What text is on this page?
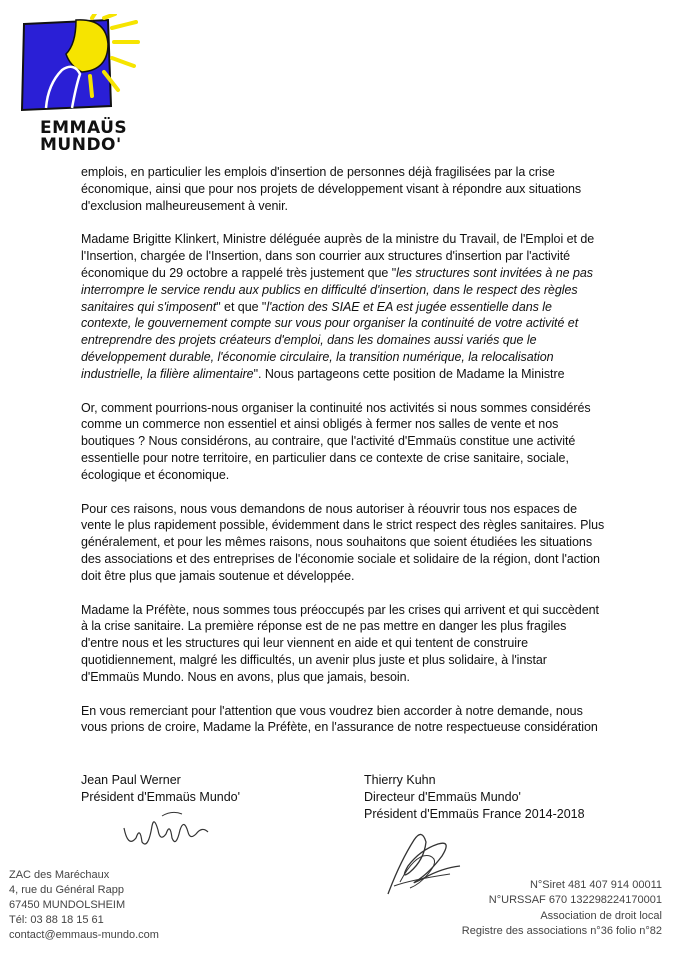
EMMAÜS
MUNDO'

emplois, en particulier les emplois d'insertion de personnes déjà fragilisées par la crise économique, ainsi que pour nos projets de développement visant à répondre aux situations d'exclusion malheureusement à venir.

Madame Brigitte Klinkert, Ministre déléguée auprès de la ministre du Travail, de l'Emploi et de l'Insertion, chargée de l'Insertion, dans son courrier aux structures d'insertion par l'activité économique du 29 octobre a rappelé très justement que "les structures sont invitées à ne pas interrompre le service rendu aux publics en difficulté d'insertion, dans le respect des règles sanitaires qui s'imposent" et que "l'action des SIAE et EA est jugée essentielle dans le contexte, le gouvernement compte sur vous pour organiser la continuité de votre activité et entreprendre des projets créateurs d'emploi, dans les domaines aussi variés que le développement durable, l'économie circulaire, la transition numérique, la relocalisation industrielle, la filière alimentaire". Nous partageons cette position de Madame la Ministre

Or, comment pourrions-nous organiser la continuité nos activités si nous sommes considérés comme un commerce non essentiel et ainsi obligés à fermer nos salles de vente et nos boutiques ? Nous considérons, au contraire, que l'activité d'Emmaüs constitue une activité essentielle pour notre territoire, en particulier dans ce contexte de crise sanitaire, sociale, écologique et économique.

Pour ces raisons, nous vous demandons de nous autoriser à réouvrir tous nos espaces de vente le plus rapidement possible, évidemment dans le strict respect des règles sanitaires. Plus généralement, et pour les mêmes raisons, nous souhaitons que soient étudiées les situations des associations et des entreprises de l'économie sociale et solidaire de la région, dont l'action doit être plus que jamais soutenue et développée.

Madame la Préfète, nous sommes tous préoccupés par les crises qui arrivent et qui succèdent à la crise sanitaire. La première réponse est de ne pas mettre en danger les plus fragiles d'entre nous et les structures qui leur viennent en aide et qui tentent de construire quotidiennement, malgré les difficultés, un avenir plus juste et plus solidaire, à l'instar d'Emmaüs Mundo. Nous en avons, plus que jamais, besoin.

En vous remerciant pour l'attention que vous voudrez bien accorder à notre demande, nous vous prions de croire, Madame la Préfète, en l'assurance de notre respectueuse considération

Jean Paul Werner
Président d'Emmaüs Mundo'
Thierry Kuhn
Directeur d'Emmaüs Mundo'
Président d'Emmaüs France 2014-2018
ZAC des Maréchaux
4, rue du Général Rapp
67450 MUNDOLSHEIM
Tél: 03 88 18 15 61
contact@emmaus-mundo.com
N°Siret 481 407 914 00011
N°URSSAF 670 132298224170001
Association de droit local
Registre des associations n°36 folio n°82
